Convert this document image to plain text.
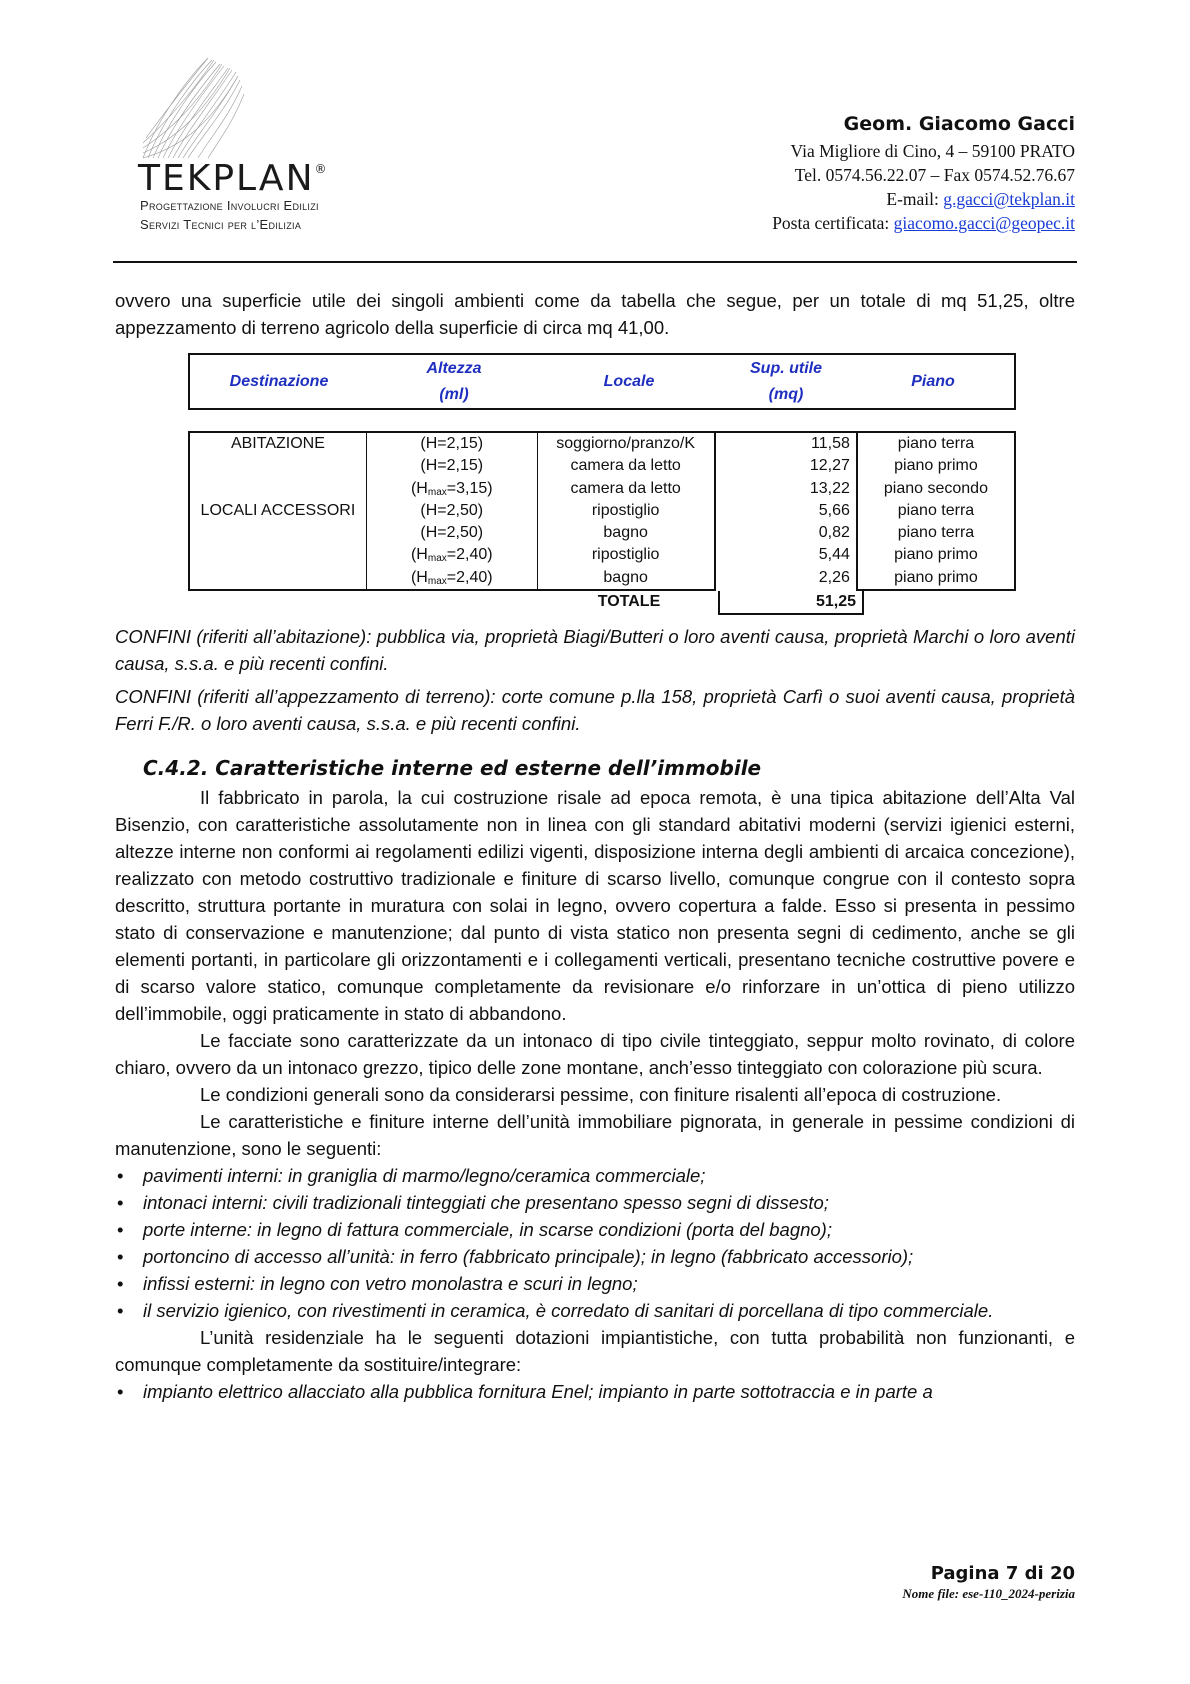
TEKPLAN®
Progettazione Involucri Edilizi
Servizi Tecnici per l’Edilizia
Geom. Giacomo Gacci
Via Migliore di Cino, 4 – 59100 PRATO
Tel. 0574.56.22.07 – Fax 0574.52.76.67
E-mail: g.gacci@tekplan.it
Posta certificata: giacomo.gacci@geopec.it

ovvero una superficie utile dei singoli ambienti come da tabella che segue, per un totale di mq 51,25, oltre appezzamento di terreno agricolo della superficie di circa mq 41,00.

Destinazione
Altezza
(ml)
Locale
Sup. utile
(mq)
Piano
ABITAZIONE
LOCALI ACCESSORI
(H=2,15)
(H=2,15)
$(H_{max}=3,15)$
(H=2,50)
(H=2,50)
$(H_{max}=2,40)$
$(H_{max}=2,40)$
soggiorno/pranzo/K
camera da letto
camera da letto
ripostiglio
bagno
ripostiglio
bagno
11,58
12,27
13,22
5,66
0,82
5,44
2,26
piano terra
piano primo
piano secondo
piano terra
piano terra
piano primo
piano primo
TOTALE	51,25

CONFINI (riferiti all’abitazione): pubblica via, proprietà Biagi/Butteri o loro aventi causa, proprietà Marchi o loro aventi causa, s.s.a. e più recenti confini.

CONFINI (riferiti all’appezzamento di terreno): corte comune p.lla 158, proprietà Carfì o suoi aventi causa, proprietà Ferri F./R. o loro aventi causa, s.s.a. e più recenti confini.

C.4.2. Caratteristiche interne ed esterne dell’immobile

Il fabbricato in parola, la cui costruzione risale ad epoca remota, è una tipica abitazione dell’Alta Val Bisenzio, con caratteristiche assolutamente non in linea con gli standard abitativi moderni (servizi igienici esterni, altezze interne non conformi ai regolamenti edilizi vigenti, disposizione interna degli ambienti di arcaica concezione), realizzato con metodo costruttivo tradizionale e finiture di scarso livello, comunque congrue con il contesto sopra descritto, struttura portante in muratura con solai in legno, ovvero copertura a falde. Esso si presenta in pessimo stato di conservazione e manutenzione; dal punto di vista statico non presenta segni di cedimento, anche se gli elementi portanti, in particolare gli orizzontamenti e i collegamenti verticali, presentano tecniche costruttive povere e di scarso valore statico, comunque completamente da revisionare e/o rinforzare in un’ottica di pieno utilizzo dell’immobile, oggi praticamente in stato di abbandono.

Le facciate sono caratterizzate da un intonaco di tipo civile tinteggiato, seppur molto rovinato, di colore chiaro, ovvero da un intonaco grezzo, tipico delle zone montane, anch’esso tinteggiato con colorazione più scura.

Le condizioni generali sono da considerarsi pessime, con finiture risalenti all’epoca di costruzione.

Le caratteristiche e finiture interne dell’unità immobiliare pignorata, in generale in pessime condizioni di manutenzione, sono le seguenti:

• pavimenti interni: in graniglia di marmo/legno/ceramica commerciale;
• intonaci interni: civili tradizionali tinteggiati che presentano spesso segni di dissesto;
• porte interne: in legno di fattura commerciale, in scarse condizioni (porta del bagno);
• portoncino di accesso all’unità: in ferro (fabbricato principale); in legno (fabbricato accessorio);
• infissi esterni: in legno con vetro monolastra e scuri in legno;
• il servizio igienico, con rivestimenti in ceramica, è corredato di sanitari di porcellana di tipo commerciale.

L’unità residenziale ha le seguenti dotazioni impiantistiche, con tutta probabilità non funzionanti, e comunque completamente da sostituire/integrare:

• impianto elettrico allacciato alla pubblica fornitura Enel; impianto in parte sottotraccia e in parte a
Pagina 7 di 20
Nome file: ese-110_2024-perizia
